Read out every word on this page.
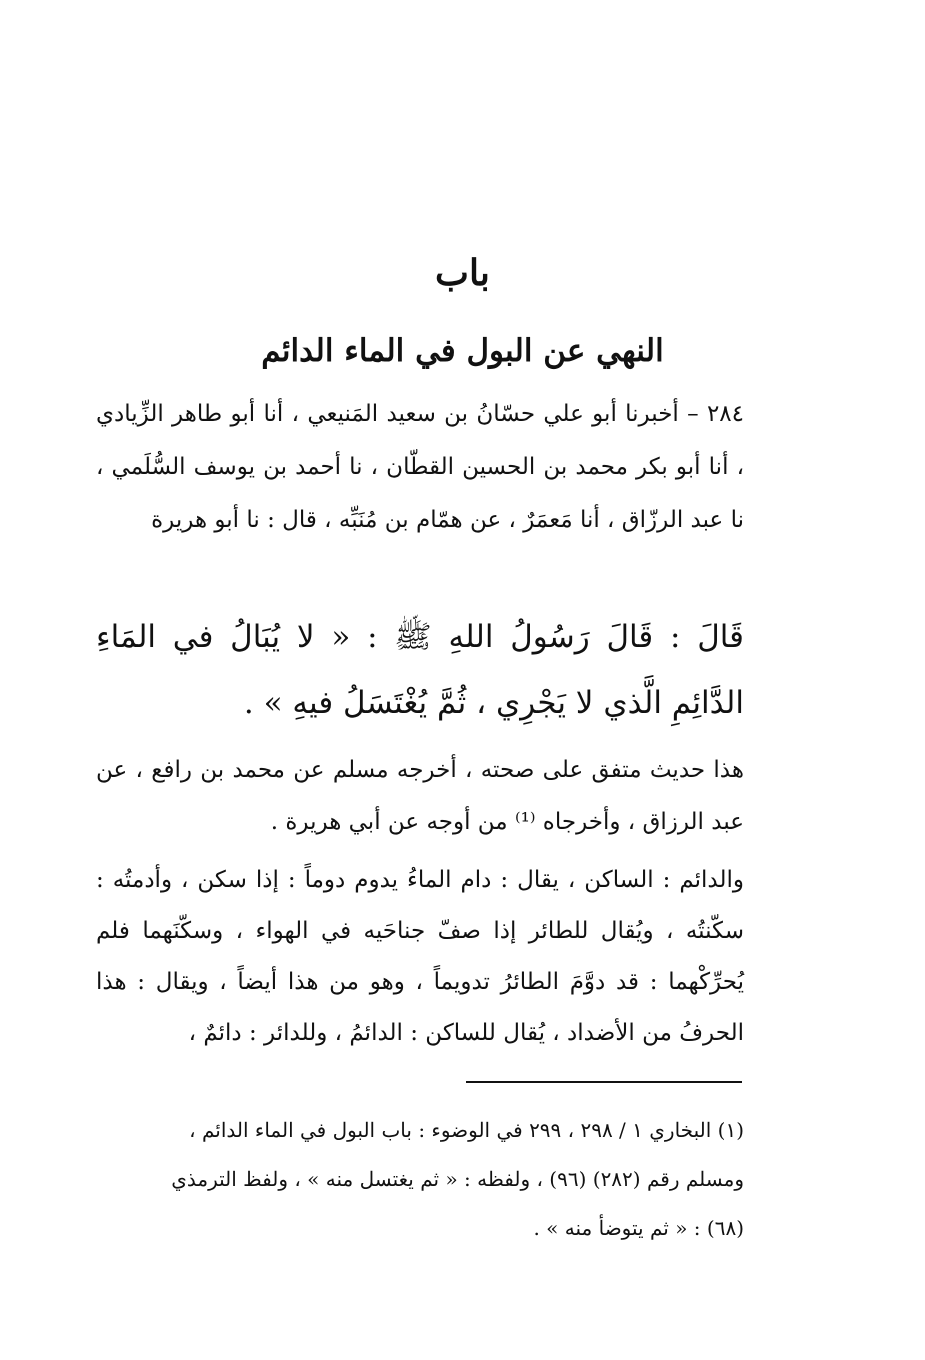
باب
النهي عن البول في الماء الدائم
٢٨٤ – أخبرنا أبو علي حسّانُ بن سعيد المَنيعي ، أنا أبو طاهر الزِّيادي ، أنا أبو بكر محمد بن الحسين القطّان ، نا أحمد بن يوسف السُّلَمي ، نا عبد الرزّاق ، أنا مَعمَرٌ ، عن همّام بن مُنَبِّه ، قال : نا أبو هريرة
قَالَ : قَالَ رَسُولُ اللهِ ﷺ : « لا يُبَالُ في المَاءِ الدَّائِمِ الَّذي لا يَجْرِي ، ثُمَّ يُغْتَسَلُ فيهِ » .
هذا حديث متفق على صحته ، أخرجه مسلم عن محمد بن رافع ، عن عبد الرزاق ، وأخرجاه ⁽¹⁾ من أوجه عن أبي هريرة .
والدائم : الساكن ، يقال : دام الماءُ يدوم دوماً : إذا سكن ، وأدمتُه : سكّنتُه ، ويُقال للطائر إذا صفّ جناحَيه في الهواء ، وسكّنَهما فلم يُحرِّكْهما : قد دوَّمَ الطائرُ تدويماً ، وهو من هذا أيضاً ، ويقال : هذا الحرفُ من الأضداد ، يُقال للساكن : الدائمُ ، وللدائر : دائمٌ ،
(١) البخاري ١ / ٢٩٨ ، ٢٩٩ في الوضوء : باب البول في الماء الدائم ،
ومسلم رقم (٢٨٢) (٩٦) ، ولفظه : « ثم يغتسل منه » ، ولفظ الترمذي
(٦٨) : « ثم يتوضأ منه » .
